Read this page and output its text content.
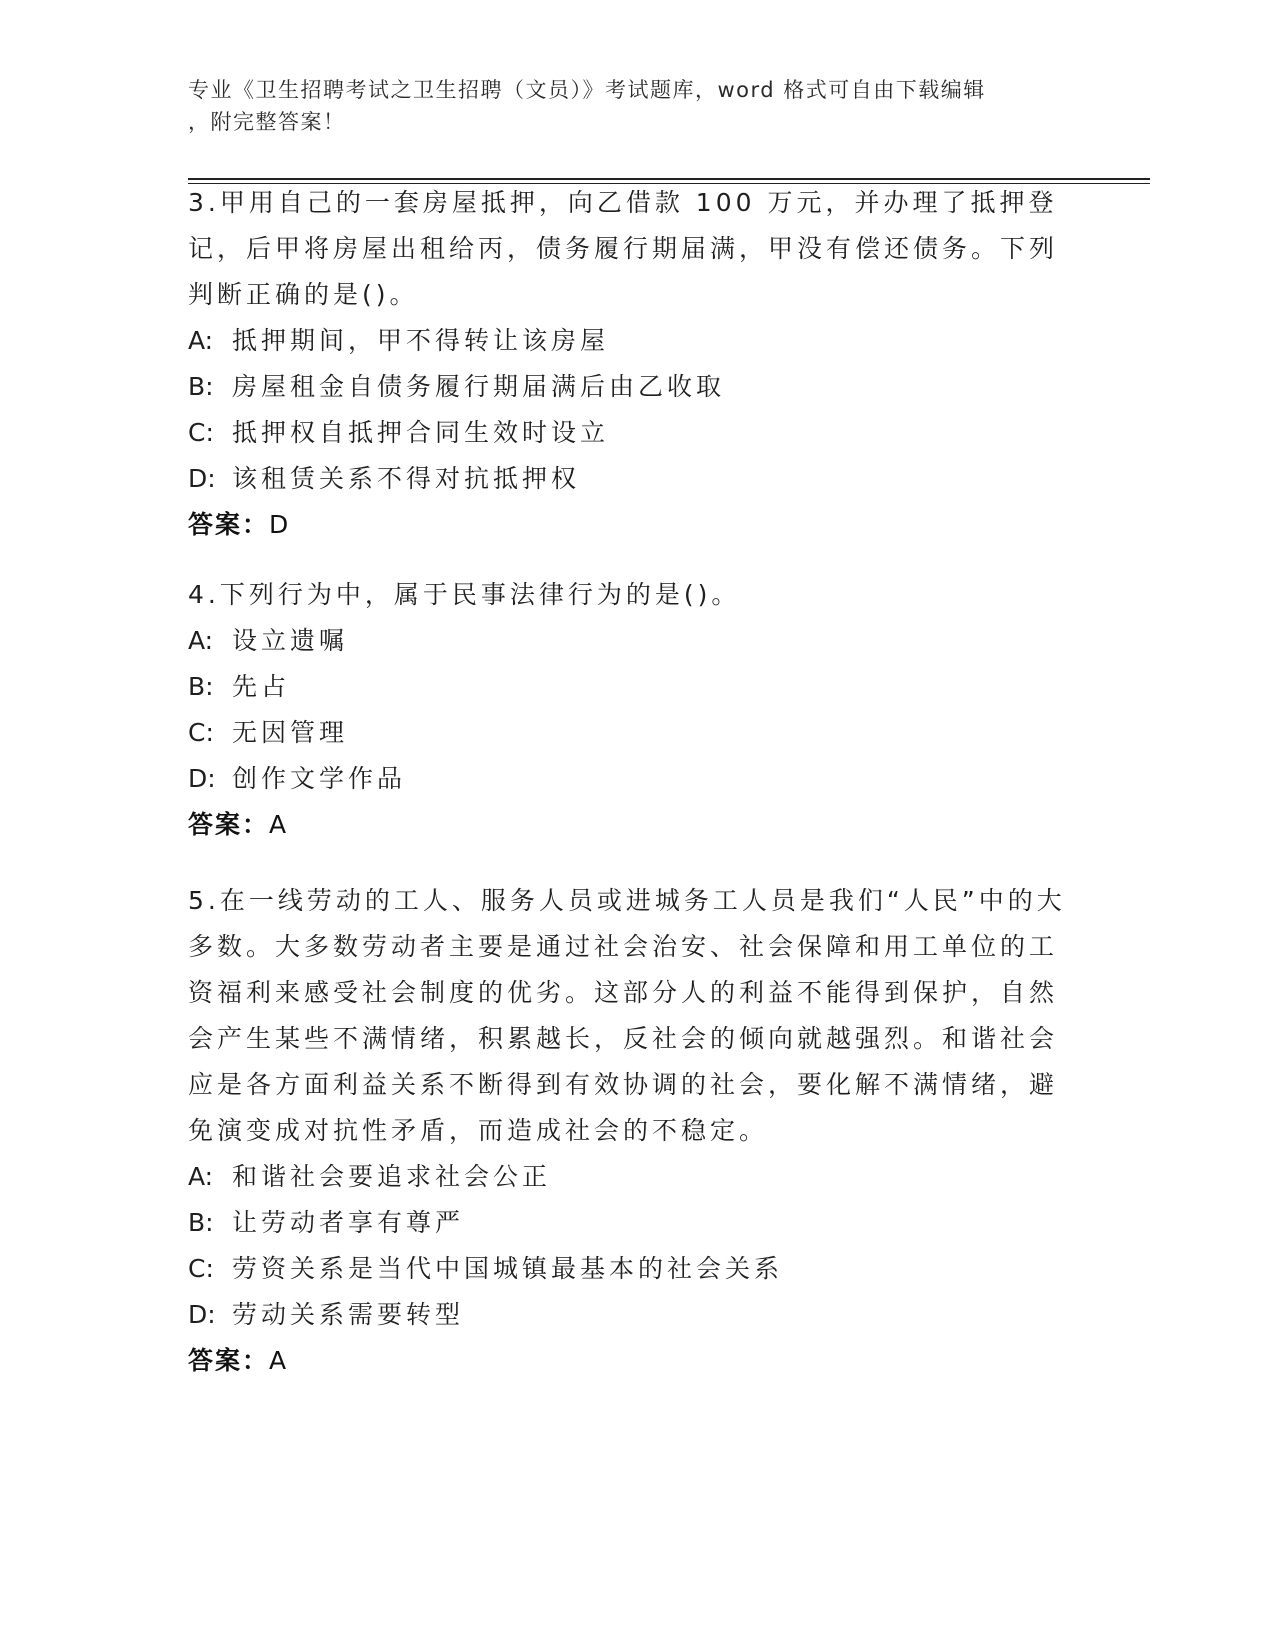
专业《卫生招聘考试之卫生招聘（文员）》考试题库，word 格式可自由下载编辑
，附完整答案！

3.甲用自己的一套房屋抵押，向乙借款 100 万元，并办理了抵押登记，后甲将房屋出租给丙，债务履行期届满，甲没有偿还债务。下列判断正确的是()。

A: 抵押期间，甲不得转让该房屋

B: 房屋租金自债务履行期届满后由乙收取

C: 抵押权自抵押合同生效时设立

D: 该租赁关系不得对抗抵押权

答案：D

4.下列行为中，属于民事法律行为的是()。

A: 设立遗嘱

B: 先占

C: 无因管理

D: 创作文学作品

答案：A

5.在一线劳动的工人、服务人员或进城务工人员是我们“人民”中的大多数。大多数劳动者主要是通过社会治安、社会保障和用工单位的工资福利来感受社会制度的优劣。这部分人的利益不能得到保护，自然会产生某些不满情绪，积累越长，反社会的倾向就越强烈。和谐社会应是各方面利益关系不断得到有效协调的社会，要化解不满情绪，避免演变成对抗性矛盾，而造成社会的不稳定。

A: 和谐社会要追求社会公正

B: 让劳动者享有尊严

C: 劳资关系是当代中国城镇最基本的社会关系

D: 劳动关系需要转型

答案：A
